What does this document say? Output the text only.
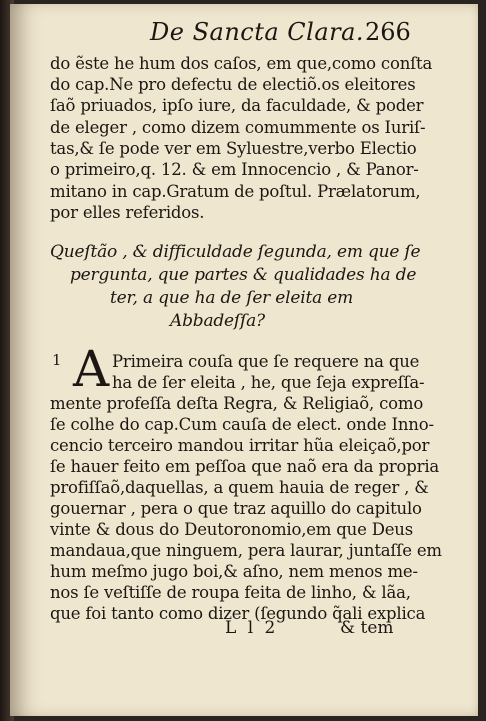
De Sancta Clara. 266
do ẽste he hum dos caſos, em que,como conſta
do cap.Ne pro defectu de electiõ.os eleitores
ſaõ priuados, ipſo iure, da faculdade, & poder
de eleger , como dizem comummente os Iuriſ-
tas,& ſe pode ver em Syluestre,verbo Electio
o primeiro,q. 12. & em Innocencio , & Panor-
mitano in cap.Gratum de poſtul. Prælatorum,
por elles referidos.
Queſtão , & difficuldade ſegunda, em que ſe
pergunta, que partes & qualidades ha de
ter, a que ha de ſer eleita em
Abbadeſſa?
1 A Primeira couſa que ſe requere na que
ha de ſer eleita , he, que ſeja expreſſa-
mente profeſſa deſta Regra, & Religiaõ, como
ſe colhe do cap.Cum cauſa de elect. onde Inno-
cencio terceiro mandou irritar hũa eleiçaõ,por
ſe hauer feito em peſſoa que naõ era da propria
profiſſaõ,daquellas, a quem hauia de reger , &
gouernar , pera o que traz aquillo do capitulo
vinte & dous do Deutoronomio,em que Deus
mandaua,que ninguem, pera laurar, juntaſſe em
hum meſmo jugo boi,& aſno, nem menos me-
nos ſe veſtiſſe de roupa feita de linho, & lãa,
que foi tanto como dizer (ſegundo q̃ali explica
L l 2	& tem
